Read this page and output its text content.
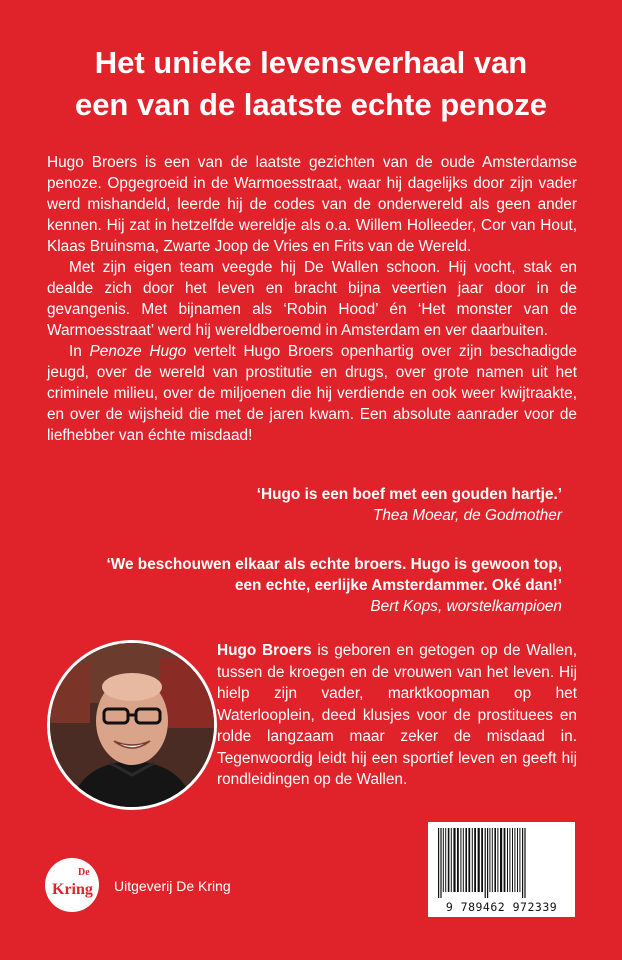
Het unieke levensverhaal van
een van de laatste echte penoze

Hugo Broers is een van de laatste gezichten van de oude Amsterdamse penoze. Opgegroeid in de Warmoesstraat, waar hij dagelijks door zijn vader werd mishandeld, leerde hij de codes van de onderwereld als geen ander kennen. Hij zat in hetzelfde wereldje als o.a. Willem Holleeder, Cor van Hout, Klaas Bruinsma, Zwarte Joop de Vries en Frits van de Wereld.

Met zijn eigen team veegde hij De Wallen schoon. Hij vocht, stak en dealde zich door het leven en bracht bijna veertien jaar door in de gevangenis. Met bijnamen als ‘Robin Hood’ én ‘Het monster van de Warmoesstraat’ werd hij wereldberoemd in Amsterdam en ver daarbuiten.

In Penoze Hugo vertelt Hugo Broers openhartig over zijn beschadigde jeugd, over de wereld van prostitutie en drugs, over grote namen uit het criminele milieu, over de miljoenen die hij verdiende en ook weer kwijtraakte, en over de wijsheid die met de jaren kwam. Een absolute aanrader voor de liefhebber van échte misdaad!

‘Hugo is een boef met een gouden hartje.’
Thea Moear, de Godmother
‘We beschouwen elkaar als echte broers. Hugo is gewoon top,
een echte, eerlijke Amsterdammer. Oké dan!’
Bert Kops, worstelkampioen
Hugo Broers is geboren en getogen op de Wallen, tussen de kroegen en de vrouwen van het leven. Hij hielp zijn vader, marktkoopman op het Waterlooplein, deed klusjes voor de prostituees en rolde langzaam maar zeker de misdaad in. Tegenwoordig leidt hij een sportief leven en geeft hij rondleidingen op de Wallen.
De
Kring Uitgeverij De Kring
9 789462 972339
